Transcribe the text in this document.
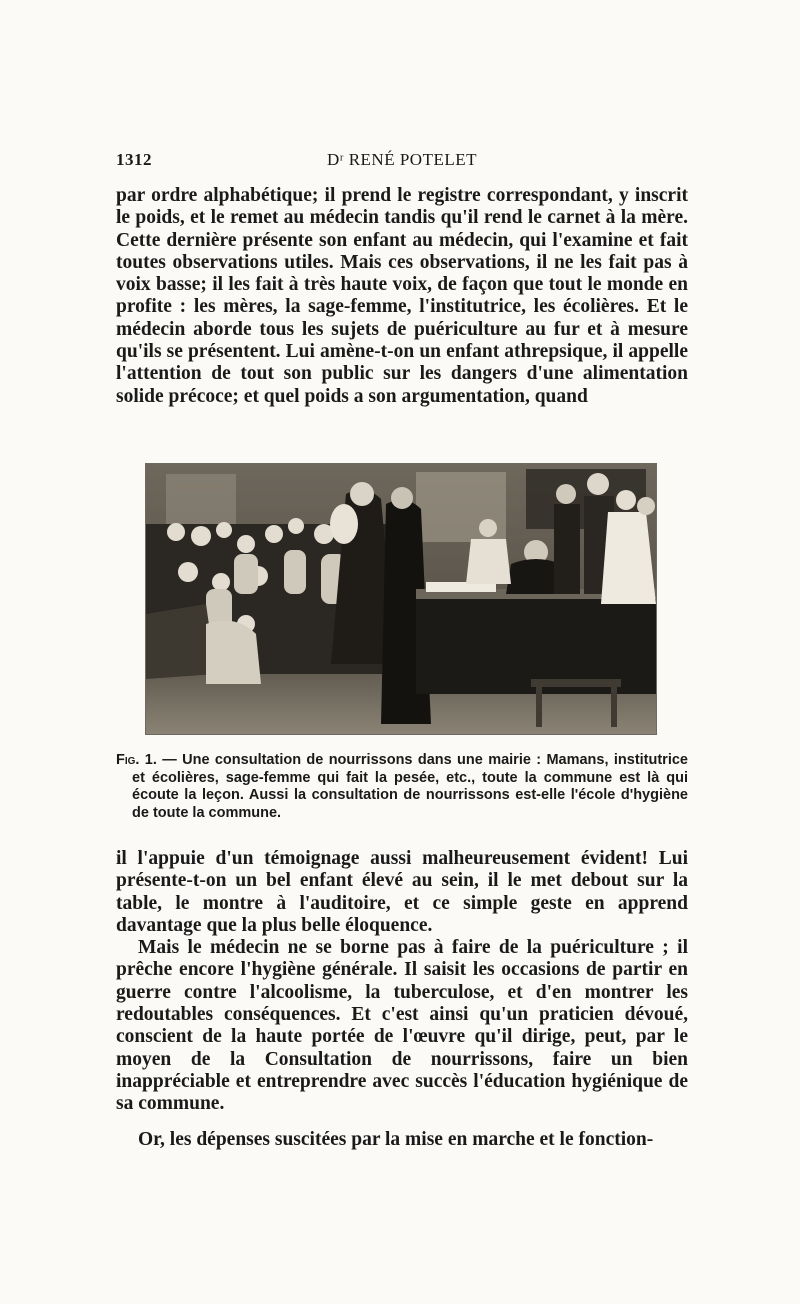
1312	Dʳ RENÉ POTELET

par ordre alphabétique; il prend le registre correspondant, y inscrit le poids, et le remet au médecin tandis qu'il rend le carnet à la mère. Cette dernière présente son enfant au médecin, qui l'examine et fait toutes observations utiles. Mais ces observations, il ne les fait pas à voix basse; il les fait à très haute voix, de façon que tout le monde en profite : les mères, la sage-femme, l'institutrice, les écolières. Et le médecin aborde tous les sujets de puériculture au fur et à mesure qu'ils se présentent. Lui amène-t-on un enfant athrepsique, il appelle l'attention de tout son public sur les dangers d'une alimentation solide précoce; et quel poids a son argumentation, quand

Fig. 1. — Une consultation de nourrissons dans une mairie : Mamans, institutrice et écolières, sage-femme qui fait la pesée, etc., toute la commune est là qui écoute la leçon. Aussi la consultation de nourrissons est-elle l'école d'hygiène de toute la commune.

il l'appuie d'un témoignage aussi malheureusement évident! Lui présente-t-on un bel enfant élevé au sein, il le met debout sur la table, le montre à l'auditoire, et ce simple geste en apprend davantage que la plus belle éloquence.

Mais le médecin ne se borne pas à faire de la puériculture ; il prêche encore l'hygiène générale. Il saisit les occasions de partir en guerre contre l'alcoolisme, la tuberculose, et d'en montrer les redoutables conséquences. Et c'est ainsi qu'un praticien dévoué, conscient de la haute portée de l'œuvre qu'il dirige, peut, par le moyen de la Consultation de nourrissons, faire un bien inappréciable et entreprendre avec succès l'éducation hygiénique de sa commune.

Or, les dépenses suscitées par la mise en marche et le fonction-
